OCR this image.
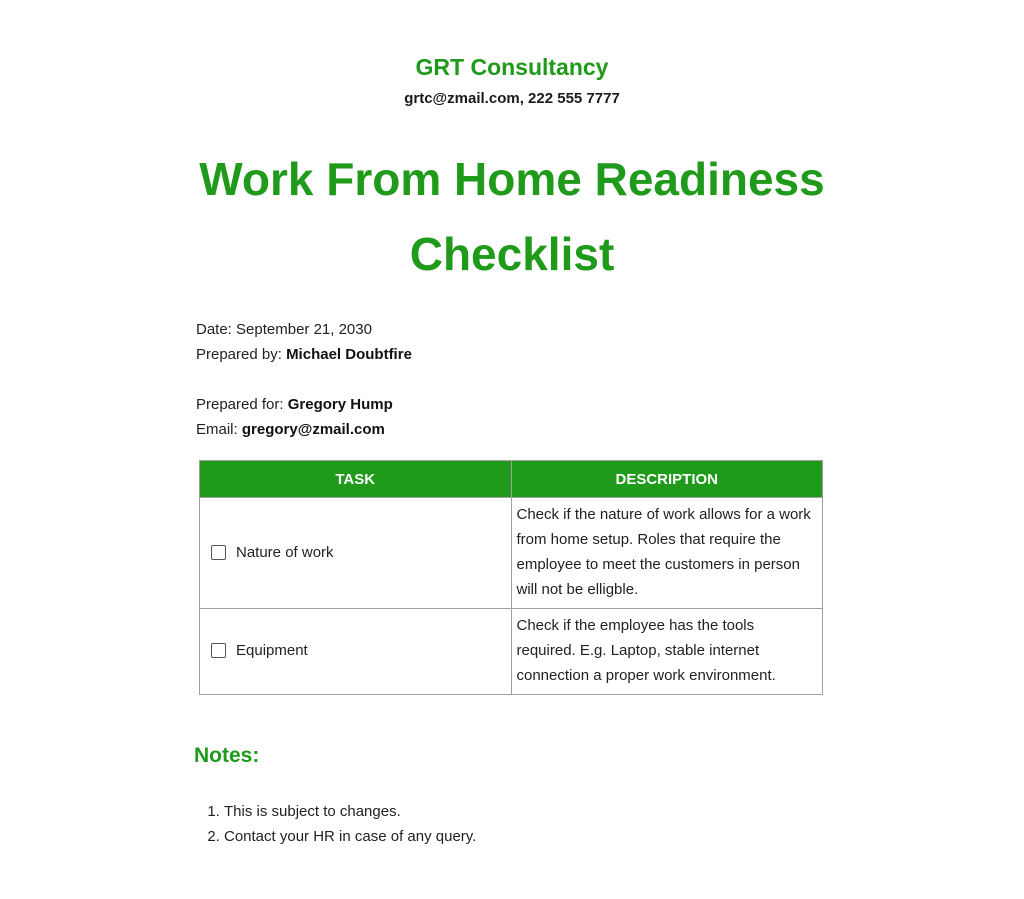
GRT Consultancy
grtc@zmail.com, 222 555 7777
Work From Home Readiness Checklist
Date: September 21, 2030
Prepared by: Michael Doubtfire
Prepared for: Gregory Hump
Email: gregory@zmail.com
TASK	DESCRIPTION

Nature of work	Check if the nature of work allows for a work from home setup. Roles that require the employee to meet the customers in person will not be elligble.

Equipment	Check if the employee has the tools required. E.g. Laptop, stable internet connection a proper work environment.
Notes:
1. This is subject to changes.
2. Contact your HR in case of any query.
